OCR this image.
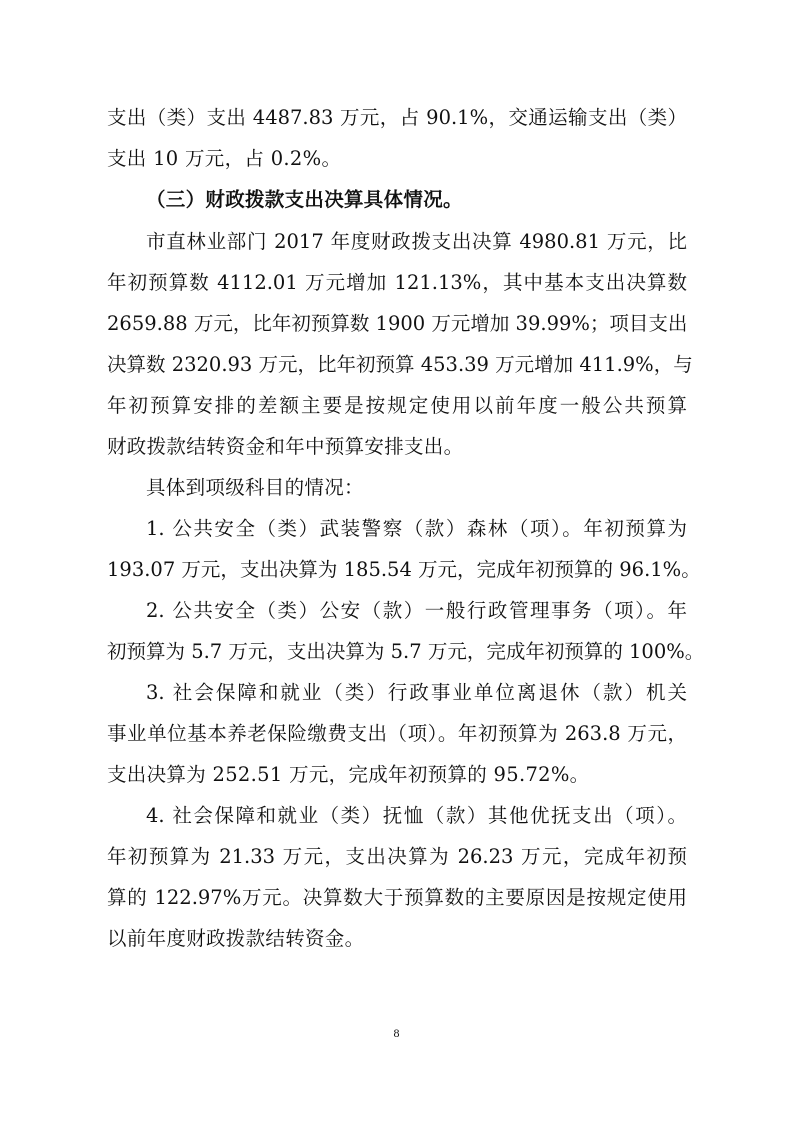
支出（类）支出 4487.83 万元，占 90.1%，交通运输支出（类）
支出 10 万元，占 0.2%。
（三）财政拨款支出决算具体情况。
市直林业部门 2017 年度财政拨支出决算 4980.81 万元，比
年初预算数 4112.01 万元增加 121.13%，其中基本支出决算数
2659.88 万元，比年初预算数 1900 万元增加 39.99%；项目支出
决算数 2320.93 万元，比年初预算 453.39 万元增加 411.9%，与
年初预算安排的差额主要是按规定使用以前年度一般公共预算
财政拨款结转资金和年中预算安排支出。
具体到项级科目的情况：
1. 公共安全（类）武装警察（款）森林（项）。年初预算为
193.07 万元，支出决算为 185.54 万元，完成年初预算的 96.1%。
2. 公共安全（类）公安（款）一般行政管理事务（项）。年
初预算为 5.7 万元，支出决算为 5.7 万元，完成年初预算的 100%。
3. 社会保障和就业（类）行政事业单位离退休（款）机关
事业单位基本养老保险缴费支出（项）。年初预算为 263.8 万元，
支出决算为 252.51 万元，完成年初预算的 95.72%。
4. 社会保障和就业（类）抚恤（款）其他优抚支出（项）。
年初预算为 21.33 万元，支出决算为 26.23 万元，完成年初预
算的 122.97%万元。决算数大于预算数的主要原因是按规定使用
以前年度财政拨款结转资金。
8
